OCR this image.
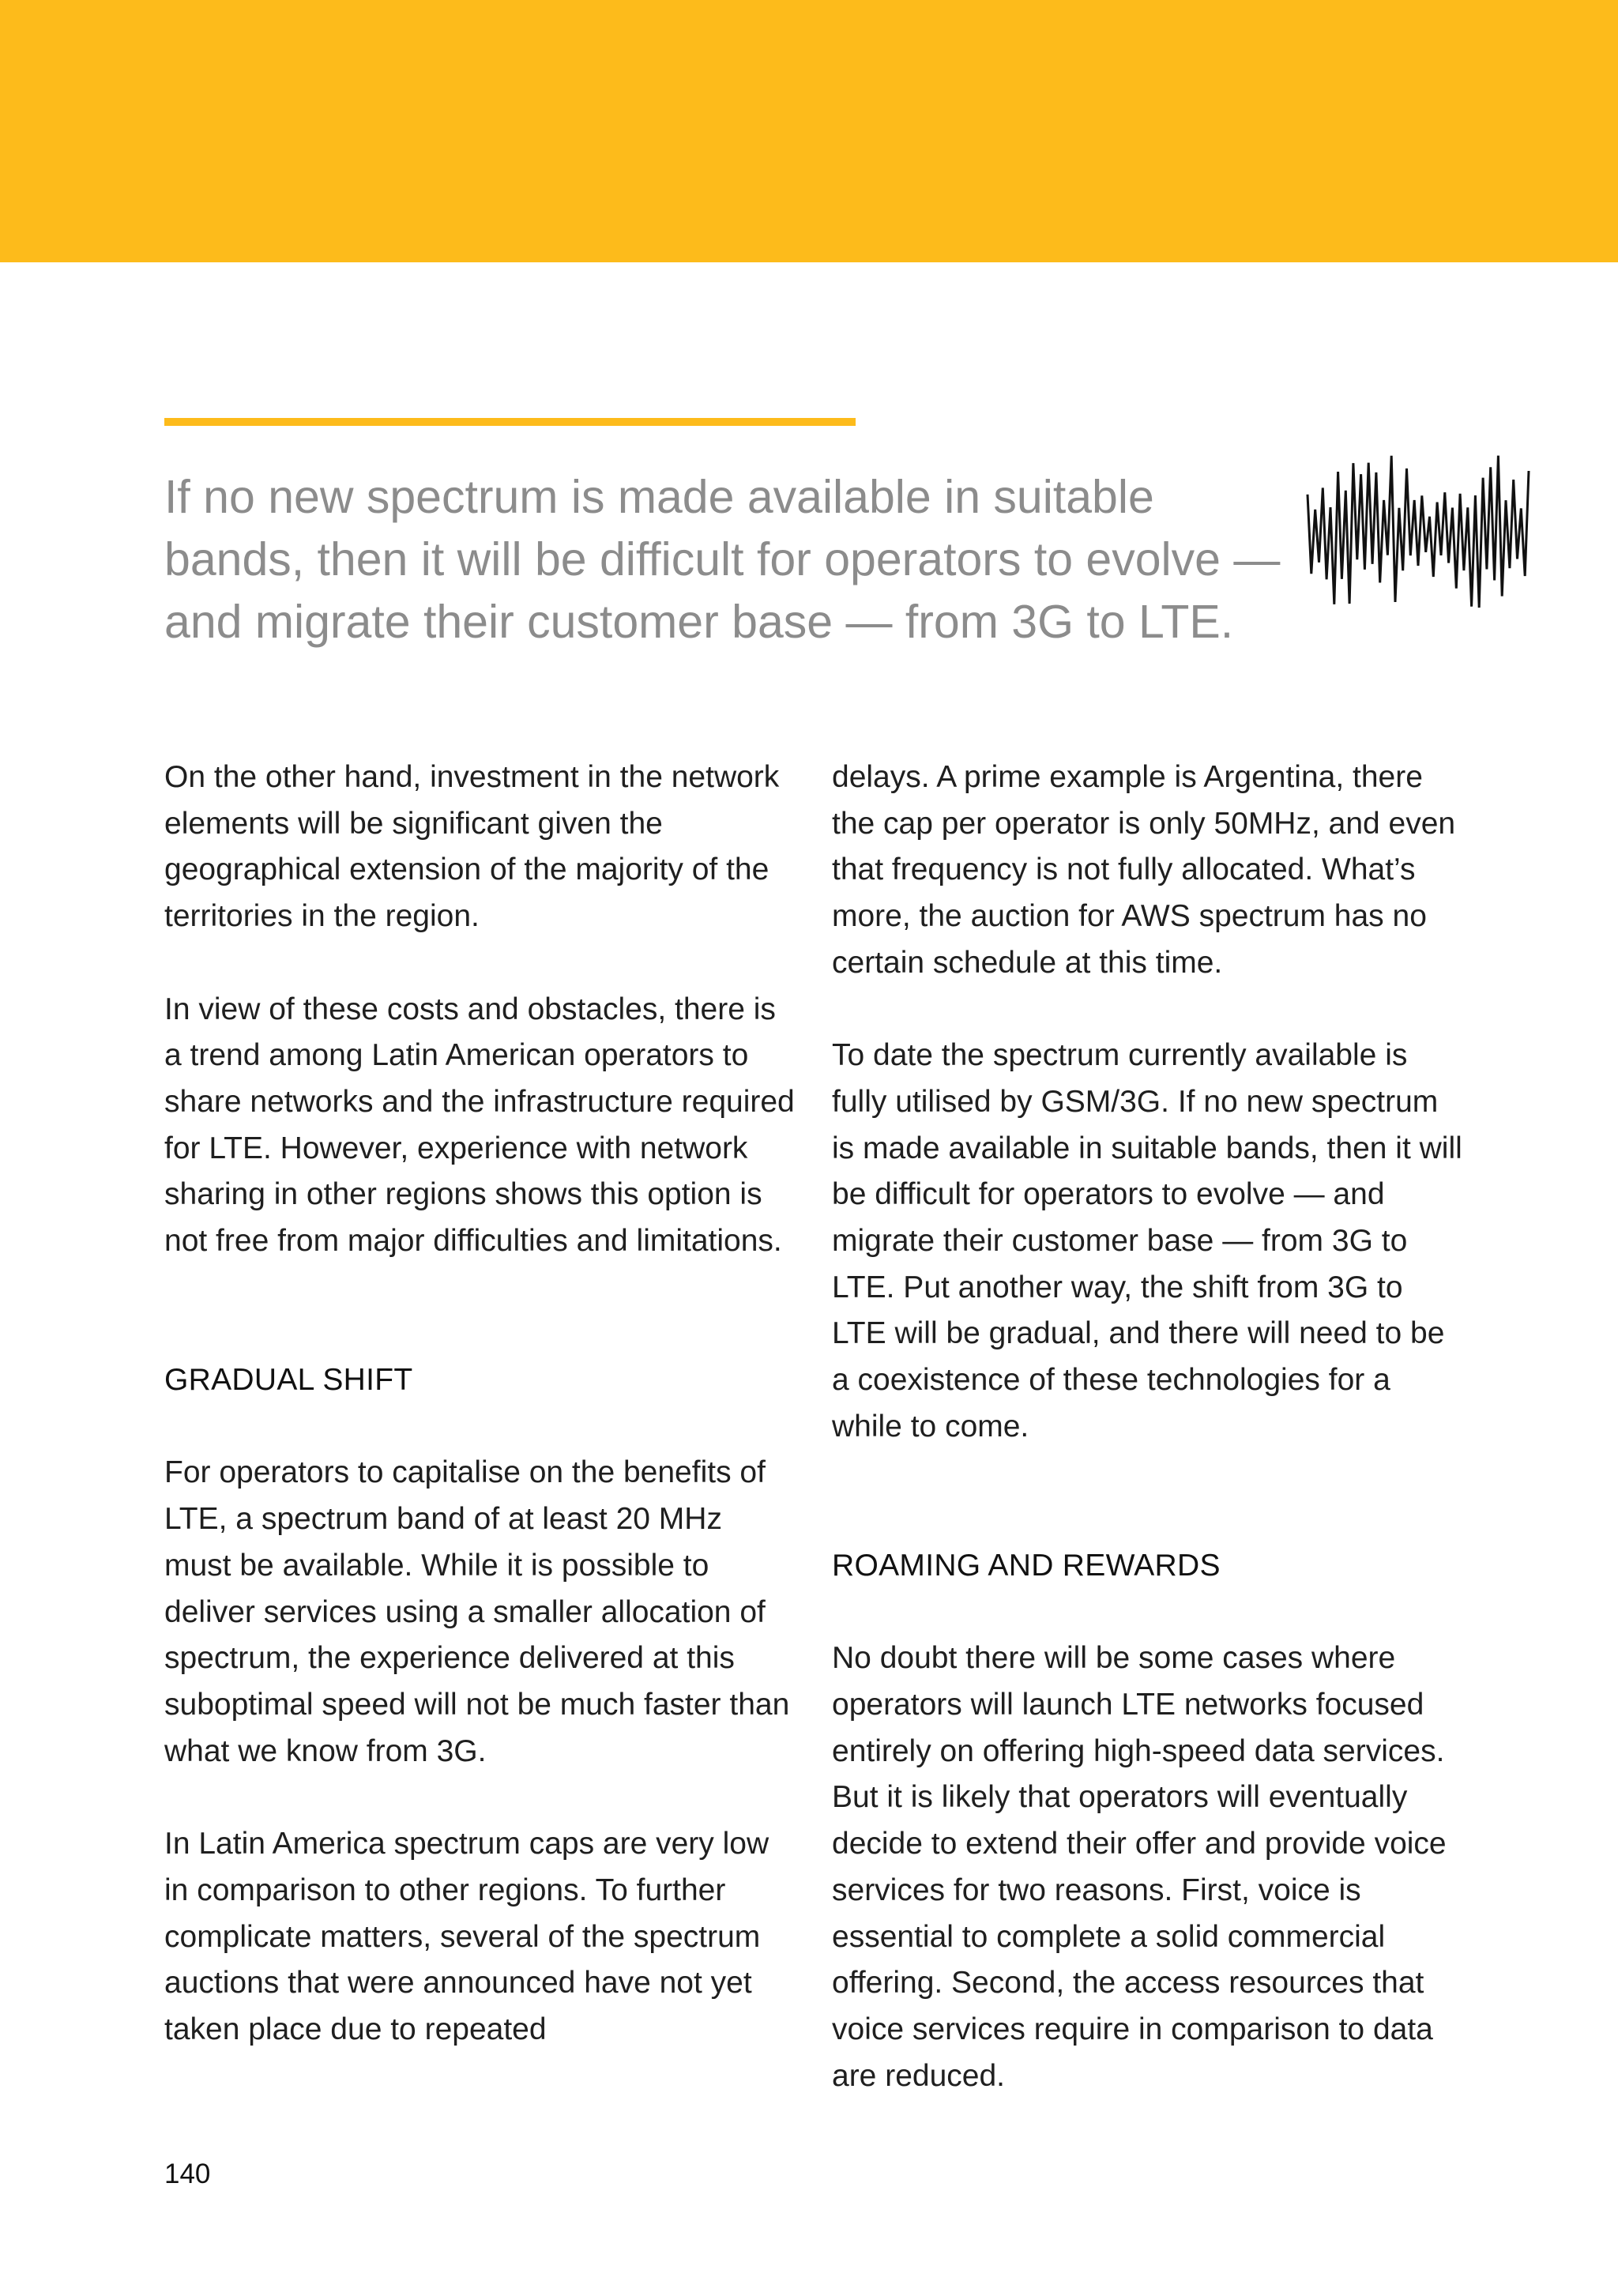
If no new spectrum is made available in suitable bands, then it will be difficult for operators to evolve — and migrate their customer base — from 3G to LTE.

On the other hand, investment in the network elements will be significant given the geographical extension of the majority of the territories in the region.

In view of these costs and obstacles, there is a trend among Latin American operators to share networks and the infrastructure required for LTE. However, experience with network sharing in other regions shows this option is not free from major difficulties and limitations.

GRADUAL SHIFT

For operators to capitalise on the benefits of LTE, a spectrum band of at least 20 MHz must be available. While it is possible to deliver services using a smaller allocation of spectrum, the experience delivered at this suboptimal speed will not be much faster than what we know from 3G.

In Latin America spectrum caps are very low in comparison to other regions. To further complicate matters, several of the spectrum auctions that were announced have not yet taken place due to repeated

delays. A prime example is Argentina, there the cap per operator is only 50MHz, and even that frequency is not fully allocated. What’s more, the auction for AWS spectrum has no certain schedule at this time.

To date the spectrum currently available is fully utilised by GSM/3G. If no new spectrum is made available in suitable bands, then it will be difficult for operators to evolve — and migrate their customer base — from 3G to LTE. Put another way, the shift from 3G to LTE will be gradual, and there will need to be a coexistence of these technologies for a while to come.

ROAMING AND REWARDS

No doubt there will be some cases where operators will launch LTE networks focused entirely on offering high-speed data services. But it is likely that operators will eventually decide to extend their offer and provide voice services for two reasons. First, voice is essential to complete a solid commercial offering. Second, the access resources that voice services require in comparison to data are reduced.

140
